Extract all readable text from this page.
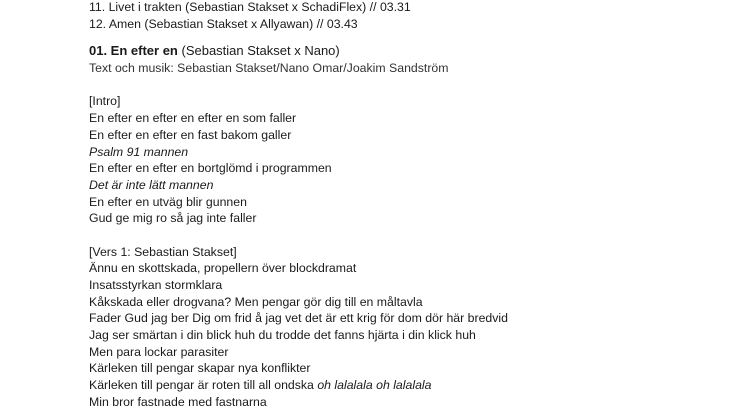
11. Livet i trakten (Sebastian Stakset x SchadiFlex) // 03.31
12. Amen (Sebastian Stakset x Allyawan) // 03.43
01. En efter en (Sebastian Stakset x Nano)
Text och musik: Sebastian Stakset/Nano Omar/Joakim Sandström
[Intro]
En efter en efter en efter en som faller
En efter en efter en fast bakom galler
Psalm 91 mannen
En efter en efter en bortglömd i programmen
Det är inte lätt mannen
En efter en utväg blir gunnen
Gud ge mig ro så jag inte faller
[Vers 1: Sebastian Stakset]
Ännu en skottskada, propellern över blockdramat
Insatsstyrkan stormklara
Kåkskada eller drogvana? Men pengar gör dig till en måltavla
Fader Gud jag ber Dig om frid å jag vet det är ett krig för dom dör här bredvid
Jag ser smärtan i din blick huh du trodde det fanns hjärta i din klick huh
Men para lockar parasiter
Kärleken till pengar skapar nya konflikter
Kärleken till pengar är roten till all ondska oh lalalala oh lalalala
Min bror fastnade med fastnarna
